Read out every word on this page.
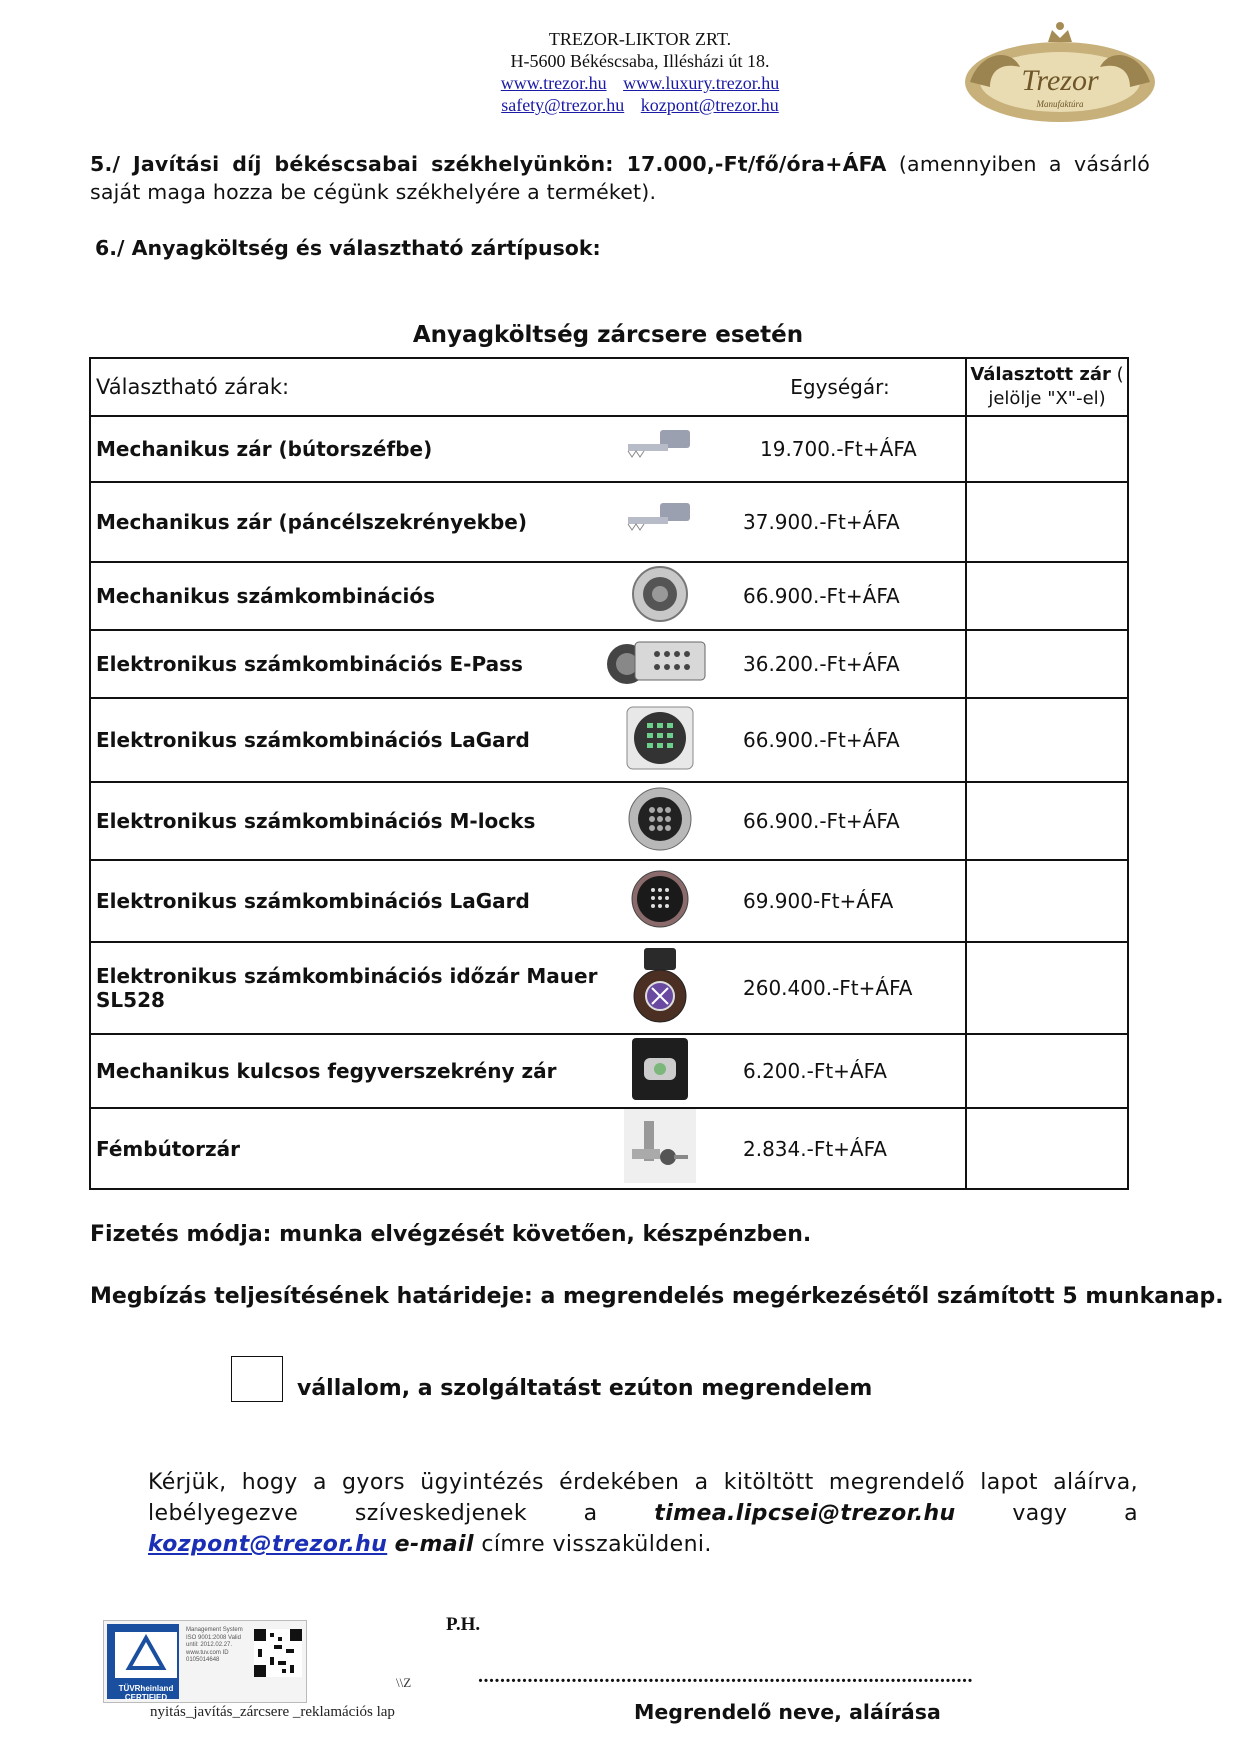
TREZOR-LIKTOR ZRT.
H-5600 Békéscsaba, Illésházi út 18.
www.trezor.hu www.luxury.trezor.hu
safety@trezor.hu kozpont@trezor.hu
Trezor
Manufaktúra
5./ Javítási díj békéscsabai székhelyünkön: 17.000,-Ft/fő/óra+ÁFA (amennyiben a vásárló saját maga hozza be cégünk székhelyére a terméket).
6./ Anyagköltség és választható zártípusok:
Anyagköltség zárcsere esetén
Választható zárak:		Egységár:	Választott zár ( jelölje "X"-el)
Mechanikus zár (bútorszéfbe)		19.700.-Ft+ÁFA	
Mechanikus zár (páncélszekrényekbe)		37.900.-Ft+ÁFA	
Mechanikus számkombinációs		66.900.-Ft+ÁFA	
Elektronikus számkombinációs E-Pass		36.200.-Ft+ÁFA	
Elektronikus számkombinációs LaGard		66.900.-Ft+ÁFA	
Elektronikus számkombinációs M-locks		66.900.-Ft+ÁFA	
Elektronikus számkombinációs LaGard		69.900-Ft+ÁFA	
Elektronikus számkombinációs időzár Mauer SL528		260.400.-Ft+ÁFA	
Mechanikus kulcsos fegyverszekrény zár		6.200.-Ft+ÁFA	
Fémbútorzár		2.834.-Ft+ÁFA	
Fizetés módja: munka elvégzését követően, készpénzben.
Megbízás teljesítésének határideje: a megrendelés megérkezésétől számított 5 munkanap.
vállalom, a szolgáltatást ezúton megrendelem
Kérjük, hogy a gyors ügyintézés érdekében a kitöltött megrendelő lapot aláírva, lebélyegezve szíveskedjenek a timea.lipcsei@trezor.hu vagy a kozpont@trezor.hu e-mail címre visszaküldeni.
P.H.
TÜVRheinland CERTIFIED
Management System ISO 9001:2008 Valid until: 2012.02.27. www.tuv.com ID 0105014648
\\Z
nyitás_javítás_zárcsere _reklamációs lap
..........................................................................................
Megrendelő neve, aláírása
